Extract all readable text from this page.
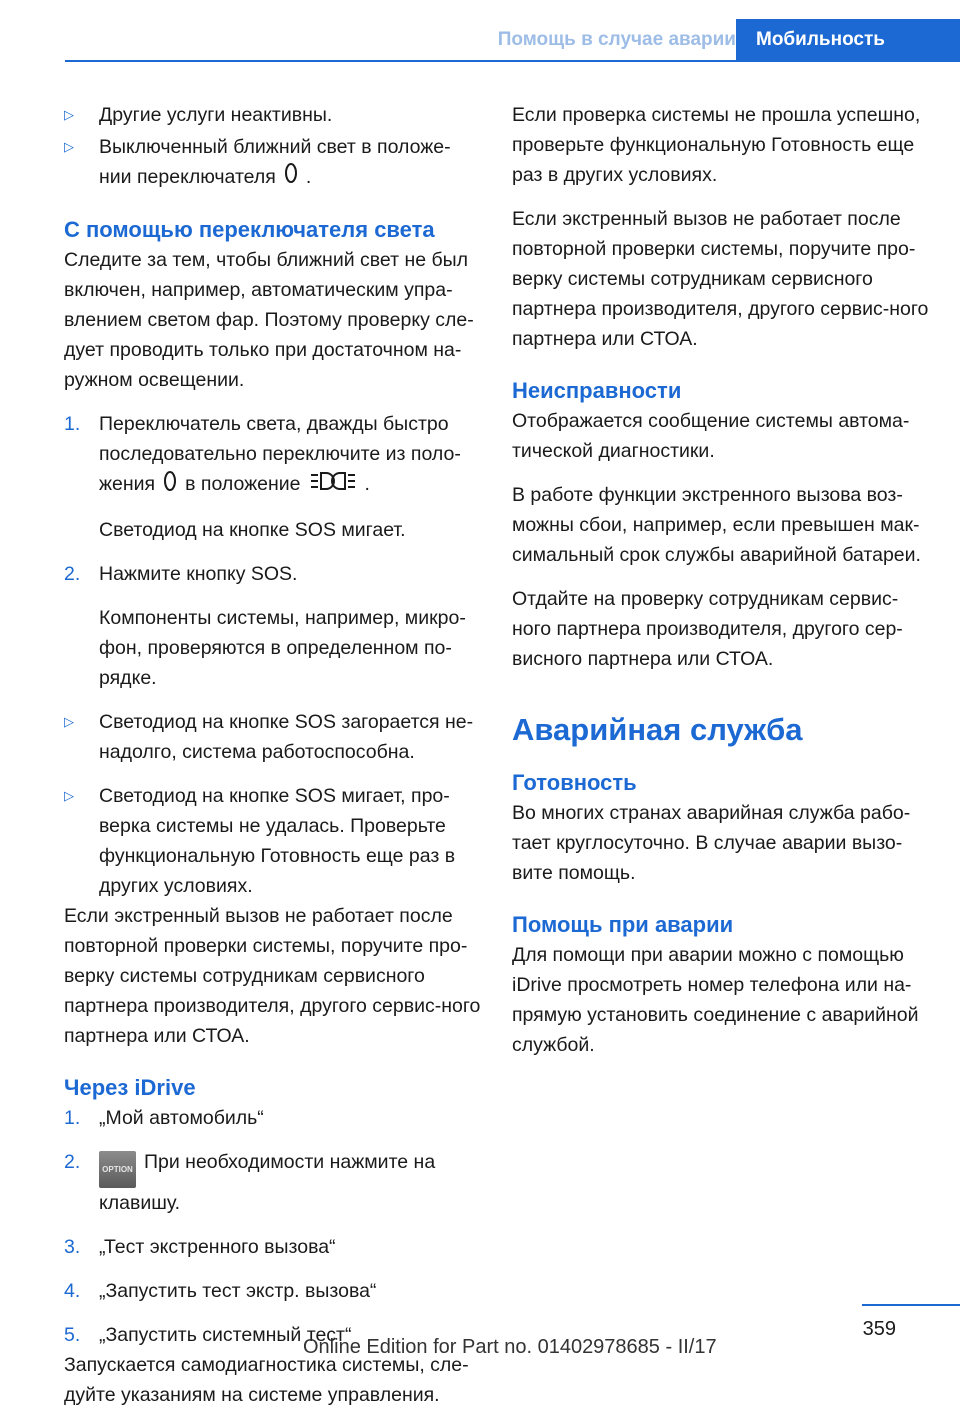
Помощь в случае аварии	Мобильность
▷	Другие услуги неактивны.
▷	Выключенный ближний свет в положе-нии переключателя .
С помощью переключателя света

Следите за тем, чтобы ближний свет не был включен, например, автоматическим упра-влением светом фар. Поэтому проверку сле-дует проводить только при достаточном на-ружном освещении.

1. Переключатель света, дважды быстро последовательно переключите из поло-жения в положение	.
Светодиод на кнопке SOS мигает.
2. Нажмите кнопку SOS.
Компоненты системы, например, микро-фон, проверяются в определенном по-рядке.
▷	Светодиод на кнопке SOS загорается не-надолго, система работоспособна.
▷	Светодиод на кнопке SOS мигает, про-верка системы не удалась. Проверьте функциональную Готовность еще раз в других условиях.

Если экстренный вызов не работает после повторной проверки системы, поручите про-верку системы сотрудникам сервисного партнера производителя, другого сервис-ного партнера или СТОА.

Через iDrive
1. „Мой автомобиль“
2.	OPTION При необходимости нажмите на клавишу.
3. „Тест экстренного вызова“
4. „Запустить тест экстр. вызова“
5. „Запустить системный тест“

Запускается самодиагностика системы, сле-дуйте указаниям на системе управления.

Если проверка системы не прошла успешно, проверьте функциональную Готовность еще раз в других условиях.

Если экстренный вызов не работает после повторной проверки системы, поручите про-верку системы сотрудникам сервисного партнера производителя, другого сервис-ного партнера или СТОА.

Неисправности

Отображается сообщение системы автома-тической диагностики.

В работе функции экстренного вызова воз-можны сбои, например, если превышен мак-симальный срок службы аварийной батареи.

Отдайте на проверку сотрудникам сервис-ного партнера производителя, другого сер-висного партнера или СТОА.

Аварийная служба
Готовность

Во многих странах аварийная служба рабо-тает круглосуточно. В случае аварии вызо-вите помощь.

Помощь при аварии

Для помощи при аварии можно с помощью iDrive просмотреть номер телефона или на-прямую установить соединение с аварийной службой.

359
Online Edition for Part no. 01402978685 - II/17
